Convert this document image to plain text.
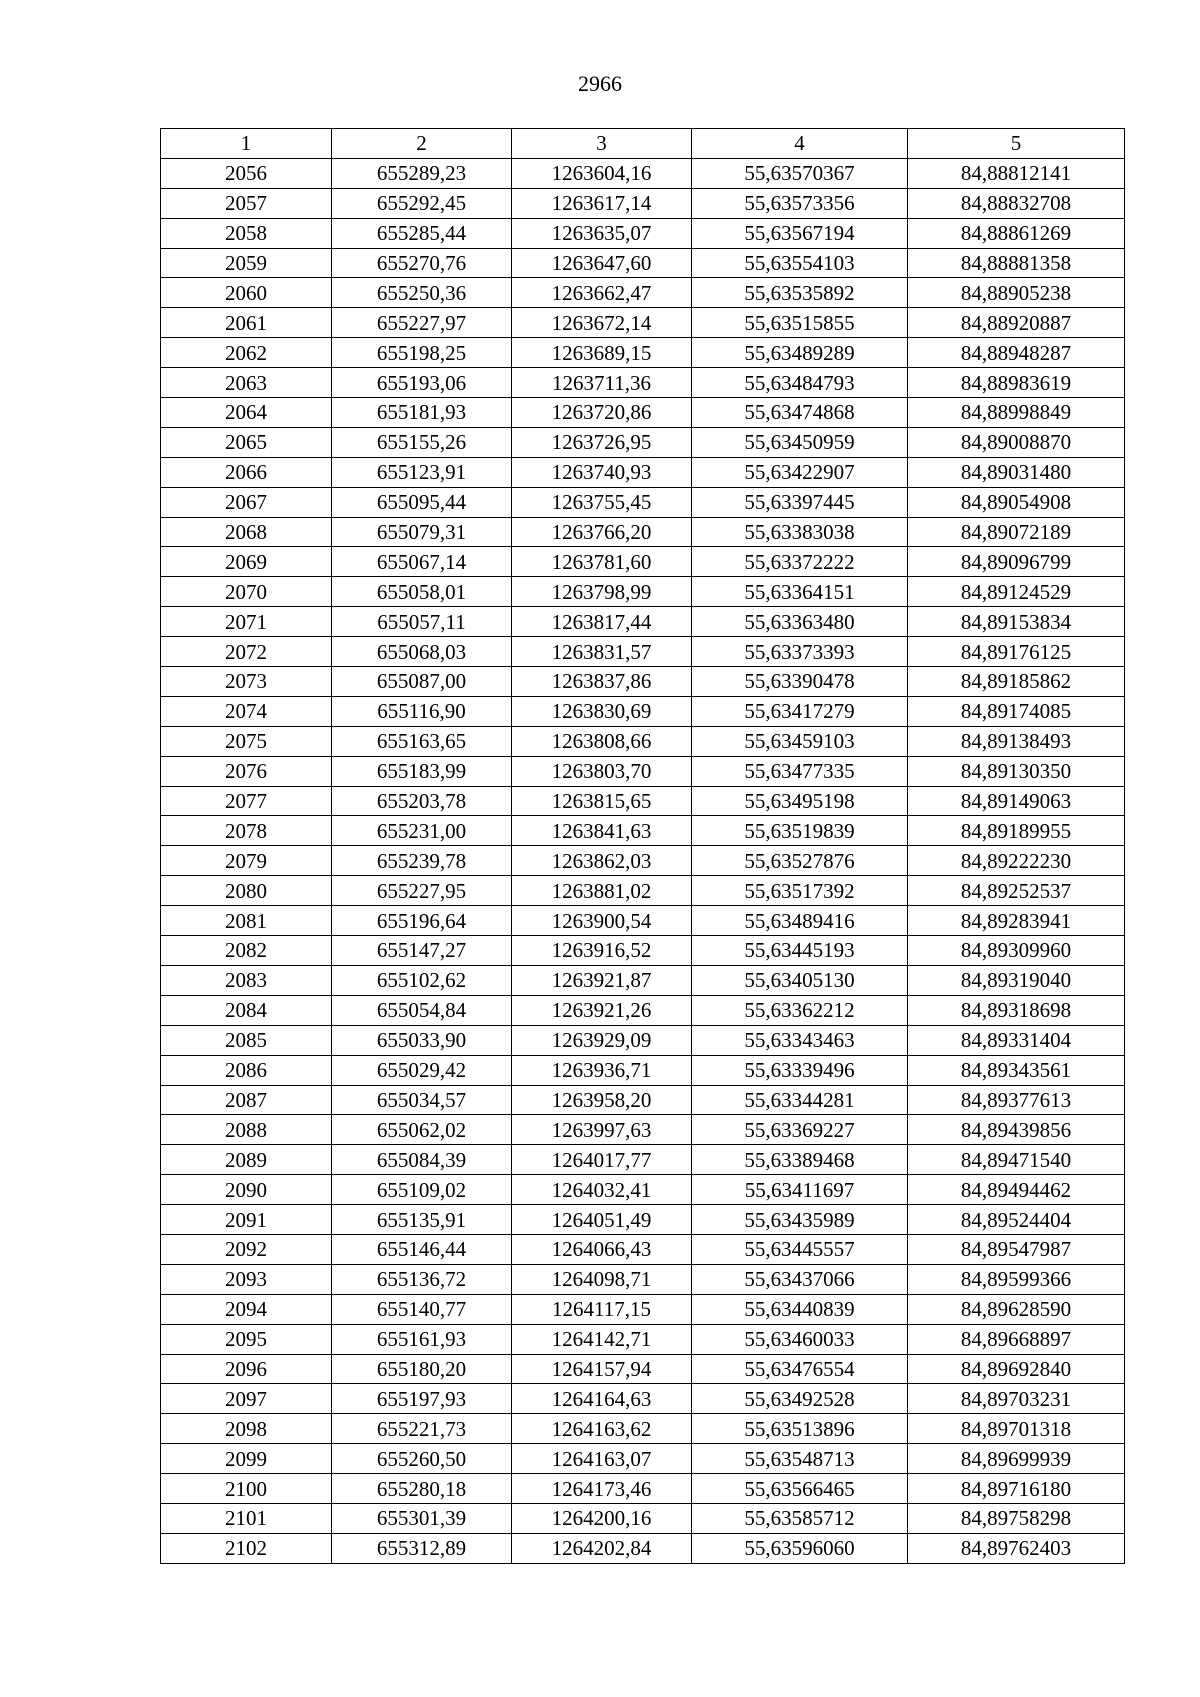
2966
1	2	3	4	5
2056	655289,23	1263604,16	55,63570367	84,88812141
2057	655292,45	1263617,14	55,63573356	84,88832708
2058	655285,44	1263635,07	55,63567194	84,88861269
2059	655270,76	1263647,60	55,63554103	84,88881358
2060	655250,36	1263662,47	55,63535892	84,88905238
2061	655227,97	1263672,14	55,63515855	84,88920887
2062	655198,25	1263689,15	55,63489289	84,88948287
2063	655193,06	1263711,36	55,63484793	84,88983619
2064	655181,93	1263720,86	55,63474868	84,88998849
2065	655155,26	1263726,95	55,63450959	84,89008870
2066	655123,91	1263740,93	55,63422907	84,89031480
2067	655095,44	1263755,45	55,63397445	84,89054908
2068	655079,31	1263766,20	55,63383038	84,89072189
2069	655067,14	1263781,60	55,63372222	84,89096799
2070	655058,01	1263798,99	55,63364151	84,89124529
2071	655057,11	1263817,44	55,63363480	84,89153834
2072	655068,03	1263831,57	55,63373393	84,89176125
2073	655087,00	1263837,86	55,63390478	84,89185862
2074	655116,90	1263830,69	55,63417279	84,89174085
2075	655163,65	1263808,66	55,63459103	84,89138493
2076	655183,99	1263803,70	55,63477335	84,89130350
2077	655203,78	1263815,65	55,63495198	84,89149063
2078	655231,00	1263841,63	55,63519839	84,89189955
2079	655239,78	1263862,03	55,63527876	84,89222230
2080	655227,95	1263881,02	55,63517392	84,89252537
2081	655196,64	1263900,54	55,63489416	84,89283941
2082	655147,27	1263916,52	55,63445193	84,89309960
2083	655102,62	1263921,87	55,63405130	84,89319040
2084	655054,84	1263921,26	55,63362212	84,89318698
2085	655033,90	1263929,09	55,63343463	84,89331404
2086	655029,42	1263936,71	55,63339496	84,89343561
2087	655034,57	1263958,20	55,63344281	84,89377613
2088	655062,02	1263997,63	55,63369227	84,89439856
2089	655084,39	1264017,77	55,63389468	84,89471540
2090	655109,02	1264032,41	55,63411697	84,89494462
2091	655135,91	1264051,49	55,63435989	84,89524404
2092	655146,44	1264066,43	55,63445557	84,89547987
2093	655136,72	1264098,71	55,63437066	84,89599366
2094	655140,77	1264117,15	55,63440839	84,89628590
2095	655161,93	1264142,71	55,63460033	84,89668897
2096	655180,20	1264157,94	55,63476554	84,89692840
2097	655197,93	1264164,63	55,63492528	84,89703231
2098	655221,73	1264163,62	55,63513896	84,89701318
2099	655260,50	1264163,07	55,63548713	84,89699939
2100	655280,18	1264173,46	55,63566465	84,89716180
2101	655301,39	1264200,16	55,63585712	84,89758298
2102	655312,89	1264202,84	55,63596060	84,89762403
